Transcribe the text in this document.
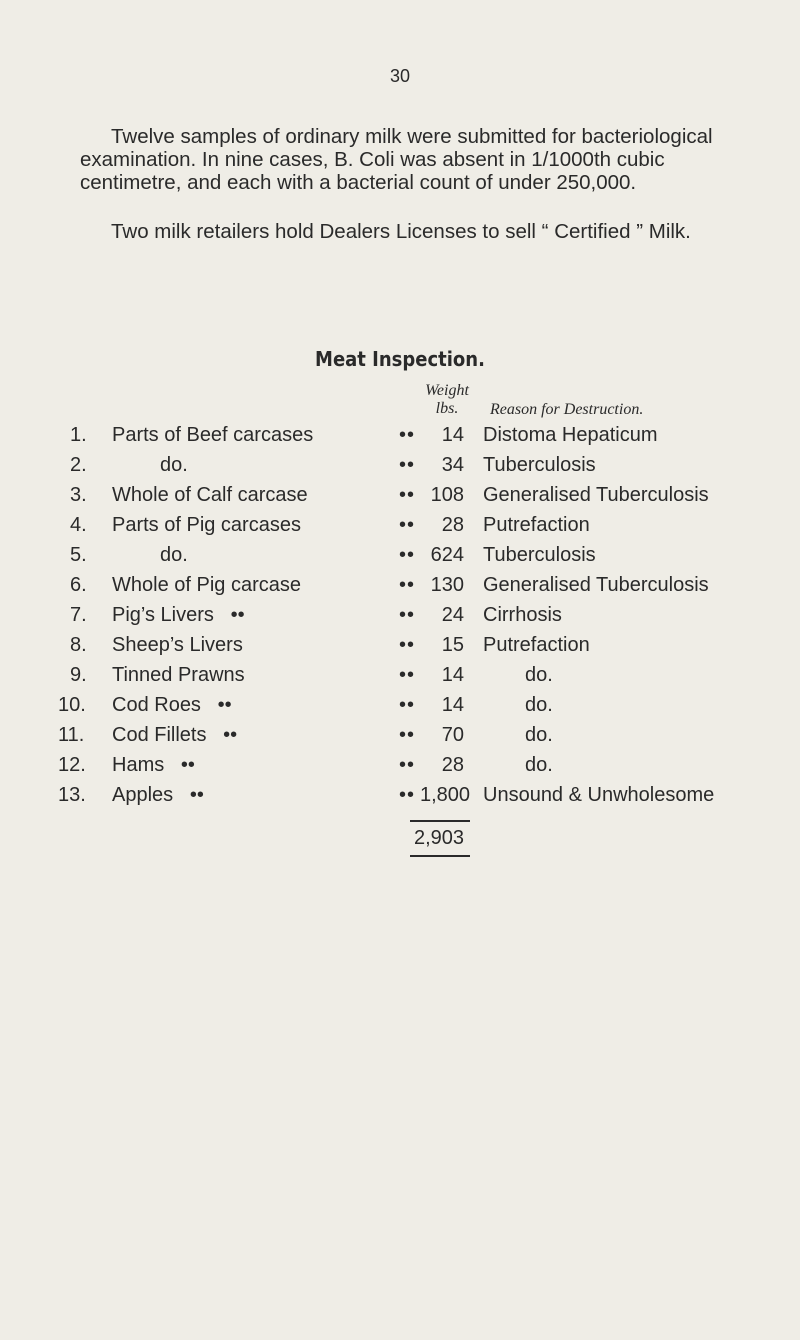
30

Twelve samples of ordinary milk were submitted for bacteriological examination. In nine cases, B. Coli was absent in 1/1000th cubic centimetre, and each with a bacterial count of under 250,000.

Two milk retailers hold Dealers Licenses to sell “ Certified ” Milk.

Meat Inspection.
Weight
lbs.	Reason for Destruction.
1.	Parts of Beef carcases	••	14 Distoma Hepaticum
2.	do.	••	34 Tuberculosis
3.	Whole of Calf carcase	•• 108 Generalised Tuberculosis
4.	Parts of Pig carcases	••	28 Putrefaction
5.	do.	•• 624 Tuberculosis
6.	Whole of Pig carcase	•• 130 Generalised Tuberculosis
7.	Pig’s Livers   ••	••	24 Cirrhosis
8.	Sheep’s Livers	••	15 Putrefaction
9.	Tinned Prawns	••	14	do.
10.	Cod Roes   ••	••	14	do.
11.	Cod Fillets   ••	••	70	do.
12.	Hams   ••	••	28	do.
13.	Apples   ••	•• 1,800 Unsound & Unwholesome
2,903
